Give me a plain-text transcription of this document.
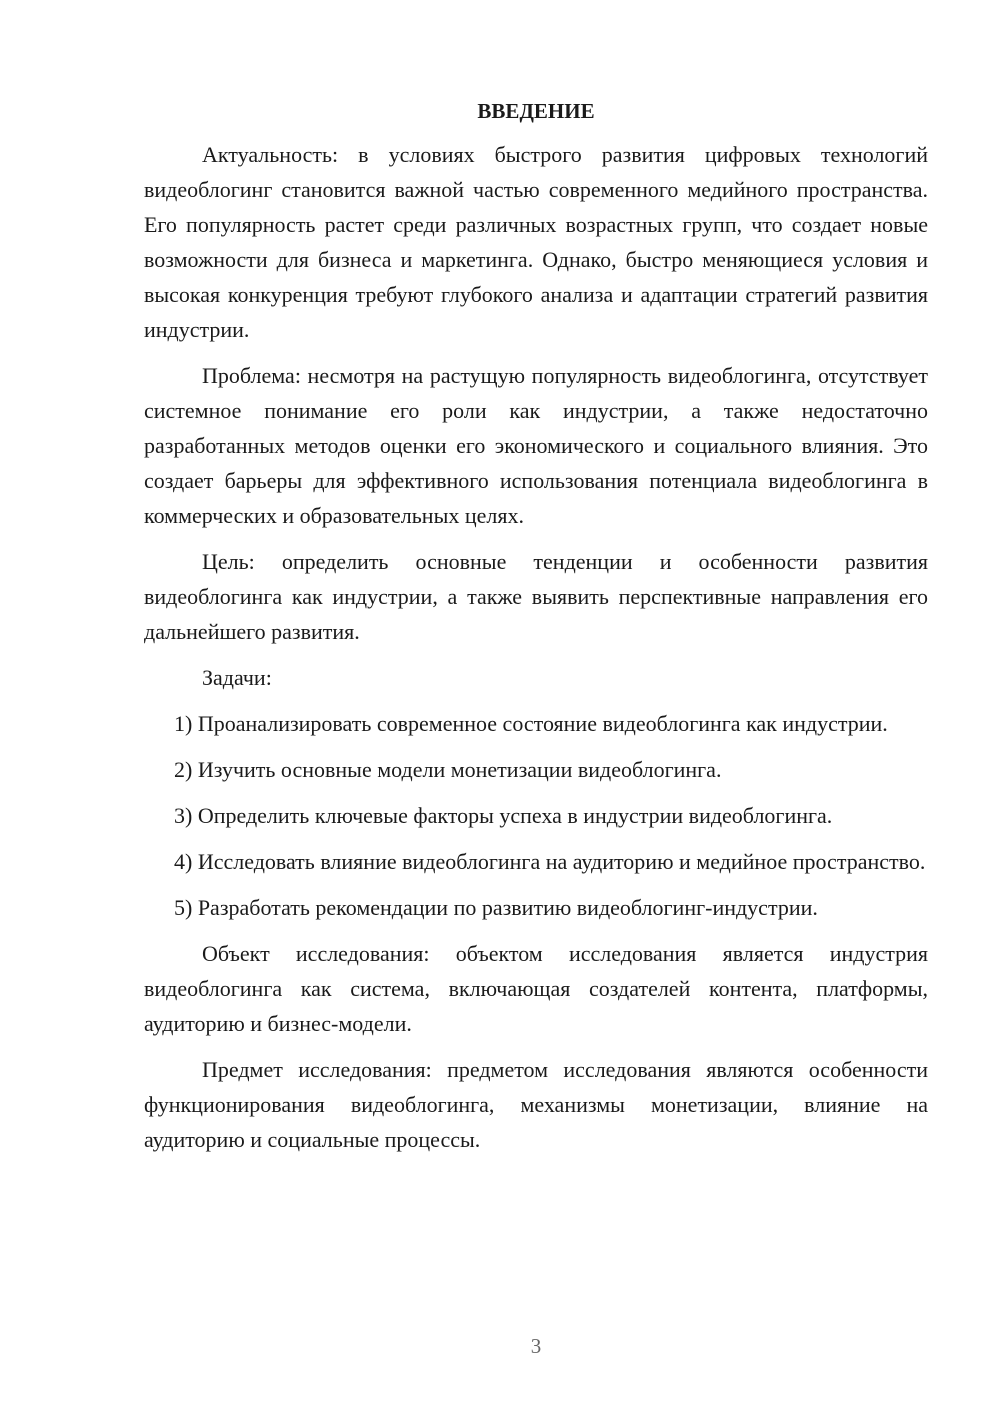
ВВЕДЕНИЕ

Актуальность: в условиях быстрого развития цифровых технологий видеоблогинг становится важной частью современного медийного пространства. Его популярность растет среди различных возрастных групп, что создает новые возможности для бизнеса и маркетинга. Однако, быстро меняющиеся условия и высокая конкуренция требуют глубокого анализа и адаптации стратегий развития индустрии.

Проблема: несмотря на растущую популярность видеоблогинга, отсутствует системное понимание его роли как индустрии, а также недостаточно разработанных методов оценки его экономического и социального влияния. Это создает барьеры для эффективного использования потенциала видеоблогинга в коммерческих и образовательных целях.

Цель: определить основные тенденции и особенности развития видеоблогинга как индустрии, а также выявить перспективные направления его дальнейшего развития.

Задачи:

1) Проанализировать современное состояние видеоблогинга как индустрии.

2) Изучить основные модели монетизации видеоблогинга.

3) Определить ключевые факторы успеха в индустрии видеоблогинга.

4) Исследовать влияние видеоблогинга на аудиторию и медийное пространство.

5) Разработать рекомендации по развитию видеоблогинг-индустрии.

Объект исследования: объектом исследования является индустрия видеоблогинга как система, включающая создателей контента, платформы, аудиторию и бизнес-модели.

Предмет исследования: предметом исследования являются особенности функционирования видеоблогинга, механизмы монетизации, влияние на аудиторию и социальные процессы.

3
